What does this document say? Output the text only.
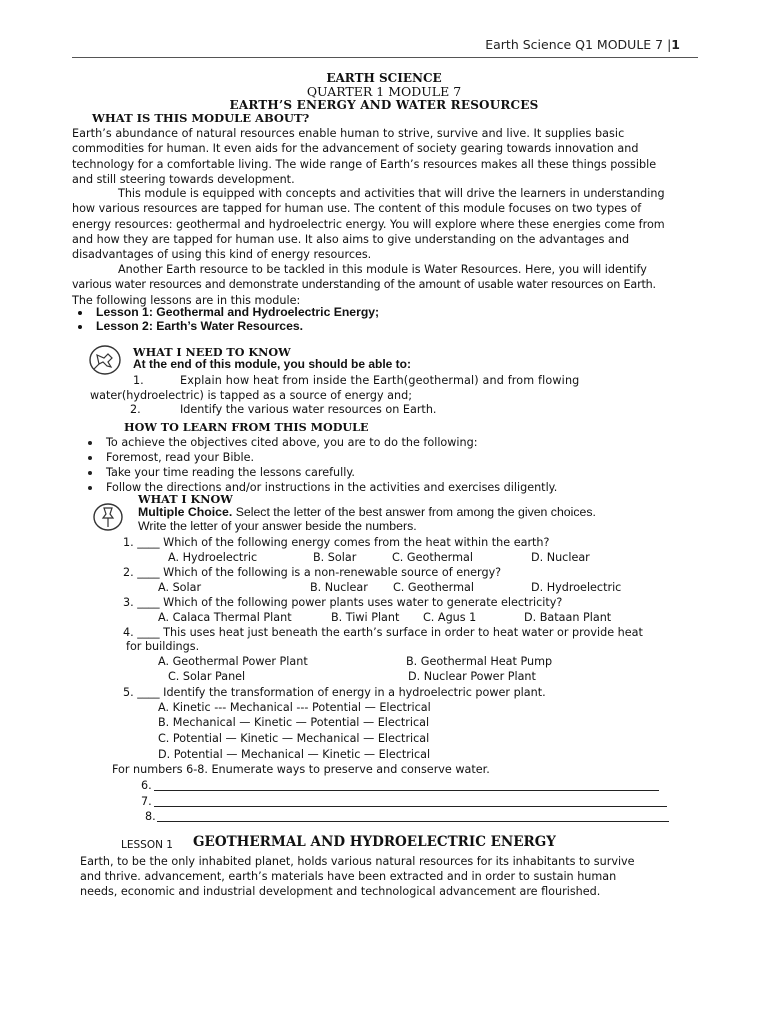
Earth Science Q1 MODULE 7 |1
EARTH SCIENCE
QUARTER 1 MODULE 7
EARTH’S ENERGY AND WATER RESOURCES
WHAT IS THIS MODULE ABOUT?
Earth’s abundance of natural resources enable human to strive, survive and live. It supplies basic
commodities for human. It even aids for the advancement of society gearing towards innovation and
technology for a comfortable living. The wide range of Earth’s resources makes all these things possible
and still steering towards development.
This module is equipped with concepts and activities that will drive the learners in understanding
how various resources are tapped for human use. The content of this module focuses on two types of
energy resources: geothermal and hydroelectric energy. You will explore where these energies come from
and how they are tapped for human use. It also aims to give understanding on the advantages and
disadvantages of using this kind of energy resources.
Another Earth resource to be tackled in this module is Water Resources. Here, you will identify
various water resources and demonstrate understanding of the amount of usable water resources on Earth.
The following lessons are in this module:
Lesson 1: Geothermal and Hydroelectric Energy;
Lesson 2: Earth’s Water Resources.
WHAT I NEED TO KNOW
At the end of this module, you should be able to:
1.	Explain how heat from inside the Earth(geothermal) and from flowing
water(hydroelectric) is tapped as a source of energy and;
2.	Identify the various water resources on Earth.
HOW TO LEARN FROM THIS MODULE
To achieve the objectives cited above, you are to do the following:
Foremost, read your Bible.
Take your time reading the lessons carefully.
Follow the directions and/or instructions in the activities and exercises diligently.
WHAT I KNOW
Multiple Choice. Select the letter of the best answer from among the given choices.
Write the letter of your answer beside the numbers.
1. ____ Which of the following energy comes from the heat within the earth?
A. Hydroelectric	B. Solar	C. Geothermal	D. Nuclear
2. ____ Which of the following is a non-renewable source of energy?
A. Solar	B. Nuclear C. Geothermal	D. Hydroelectric
3. ____ Which of the following power plants uses water to generate electricity?
A. Calaca Thermal Plant	B. Tiwi Plant C. Agus 1	D. Bataan Plant
4. ____ This uses heat just beneath the earth’s surface in order to heat water or provide heat
for buildings.
A. Geothermal Power Plant	B. Geothermal Heat Pump
C. Solar Panel	D. Nuclear Power Plant
5. ____ Identify the transformation of energy in a hydroelectric power plant.
A. Kinetic --- Mechanical --- Potential — Electrical
B. Mechanical — Kinetic — Potential — Electrical
C. Potential — Kinetic — Mechanical — Electrical
D. Potential — Mechanical — Kinetic — Electrical
For numbers 6-8. Enumerate ways to preserve and conserve water.
6.
7.
8.
LESSON 1 GEOTHERMAL AND HYDROELECTRIC ENERGY
Earth, to be the only inhabited planet, holds various natural resources for its inhabitants to survive
and thrive. advancement, earth’s materials have been extracted and in order to sustain human
needs, economic and industrial development and technological advancement are flourished.
